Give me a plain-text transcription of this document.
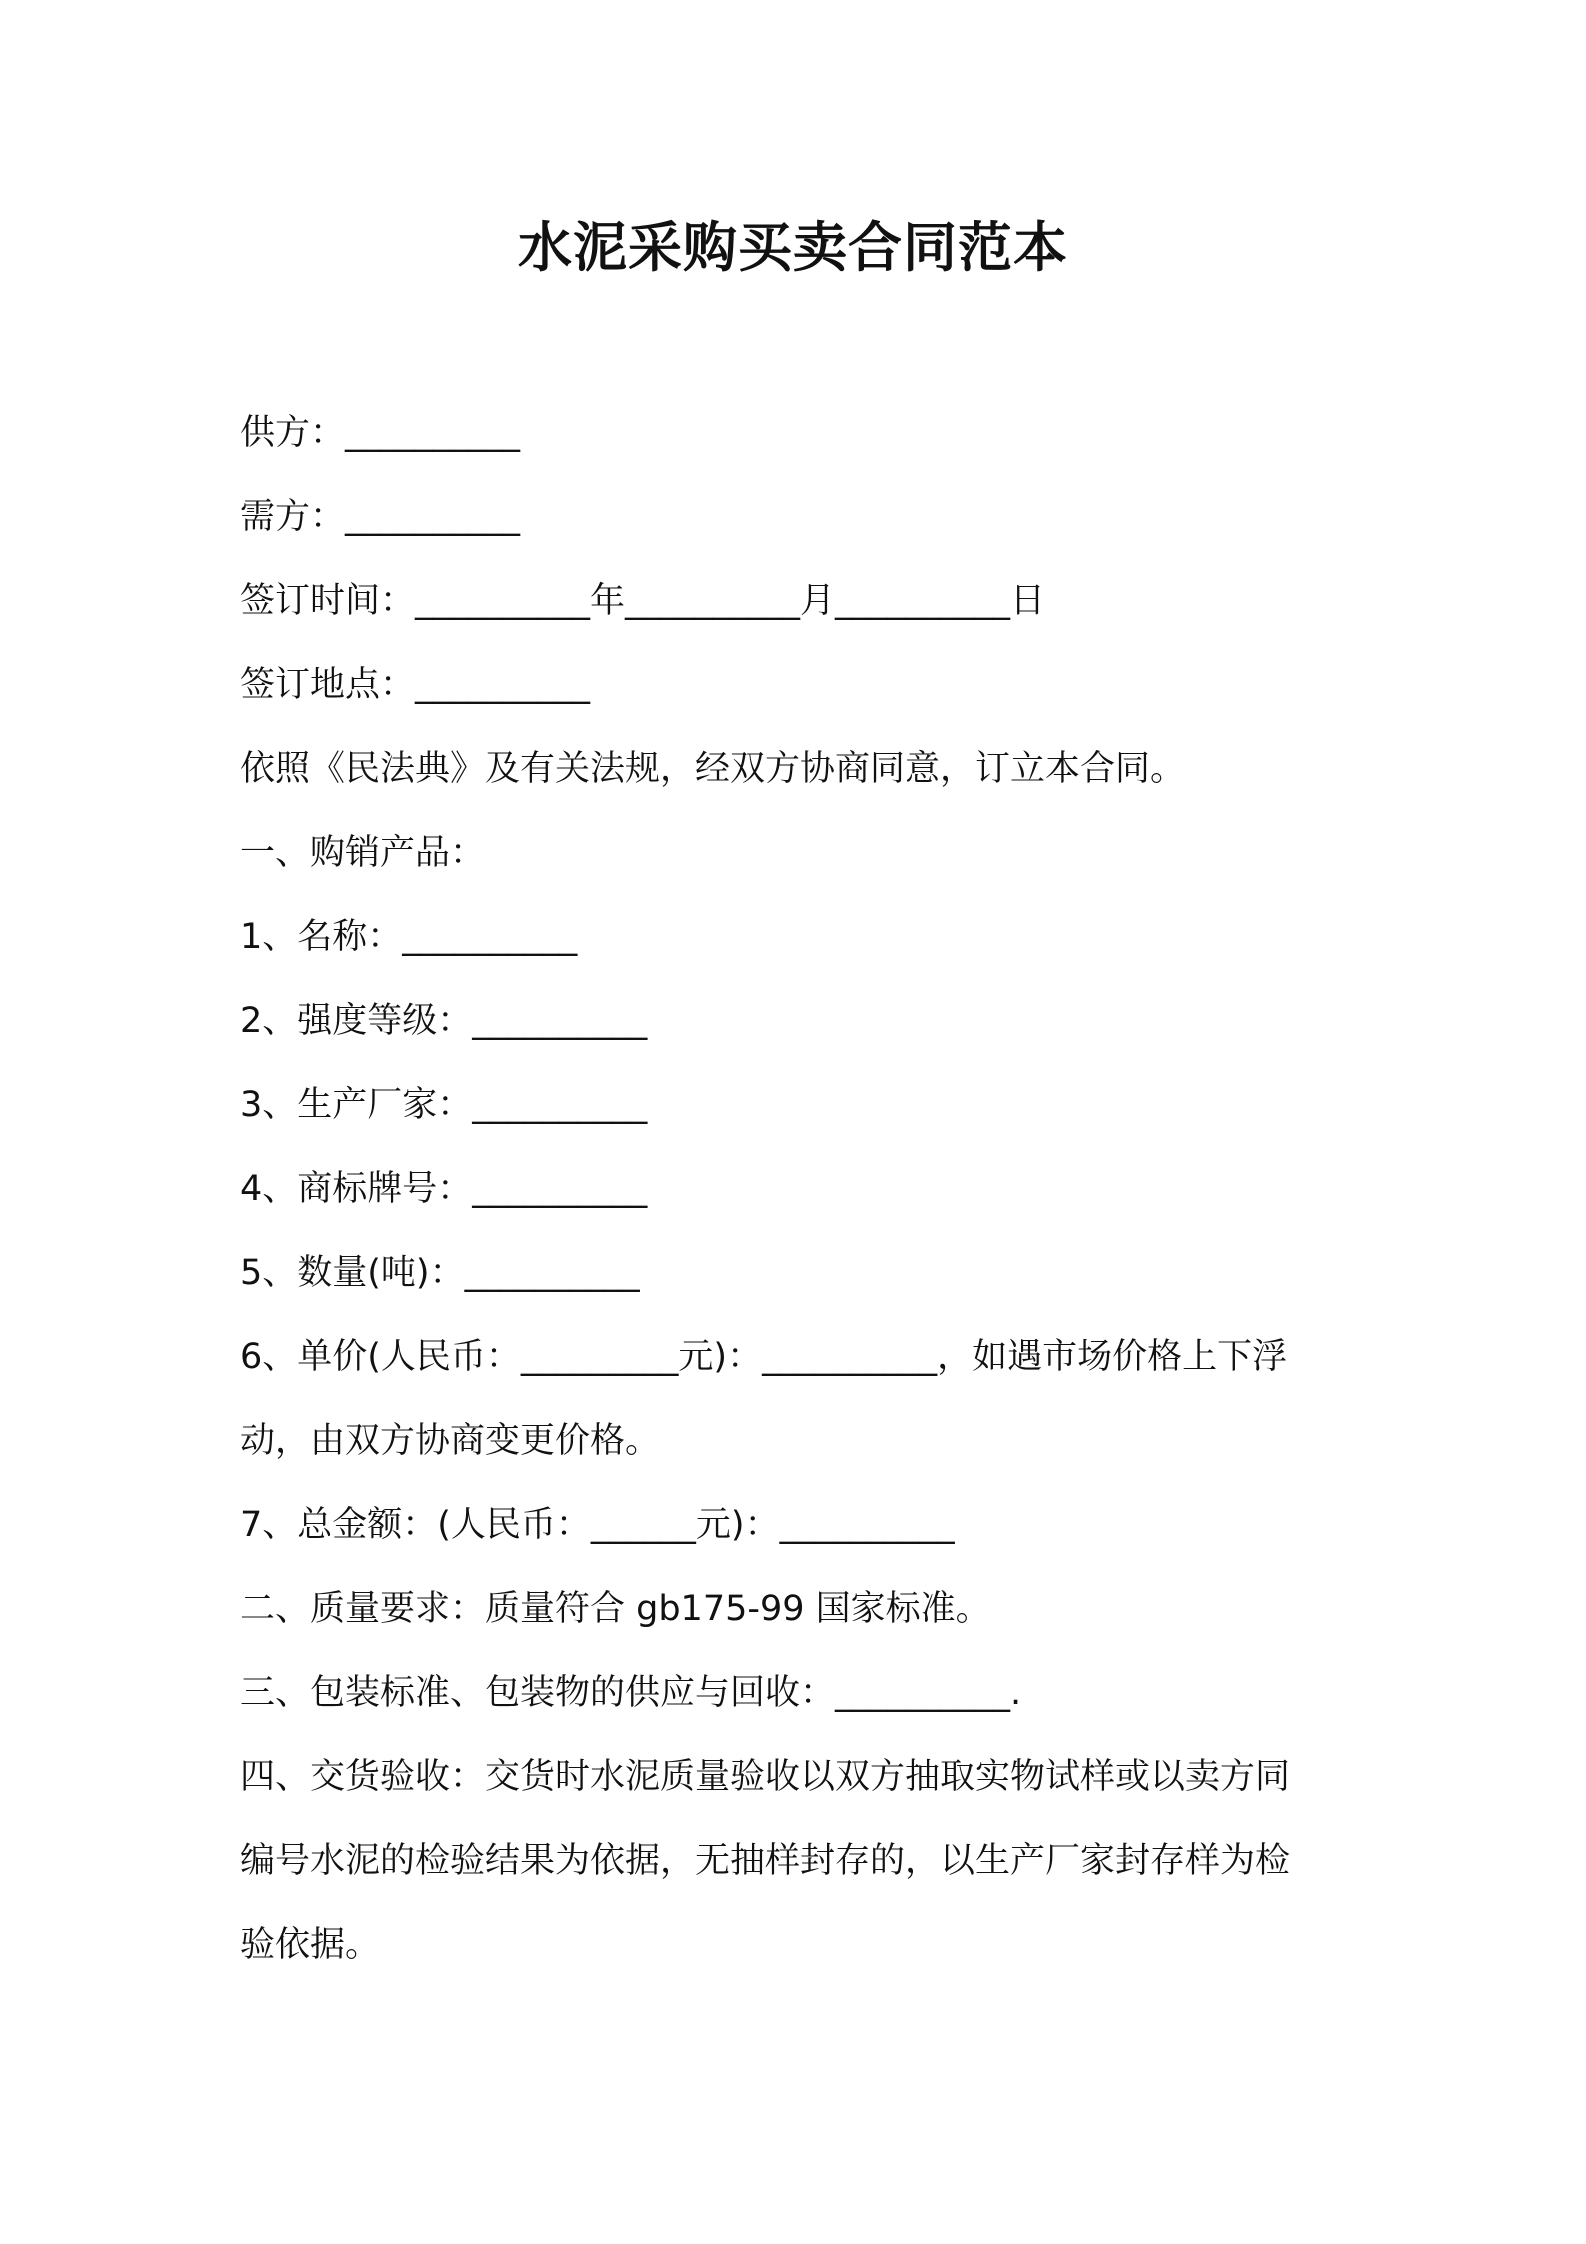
水泥采购买卖合同范本
供方：__________
需方：__________
签订时间：__________年__________月__________日
签订地点：__________
依照《民法典》及有关法规，经双方协商同意，订立本合同。
一、购销产品：
1、名称：__________
2、强度等级：__________
3、生产厂家：__________
4、商标牌号：__________
5、数量(吨)：__________
6、单价(人民币：_________元)：__________，如遇市场价格上下浮
动，由双方协商变更价格。
7、总金额：(人民币：______元)：__________
二、质量要求：质量符合 gb175-99 国家标准。
三、包装标准、包装物的供应与回收：__________.
四、交货验收：交货时水泥质量验收以双方抽取实物试样或以卖方同
编号水泥的检验结果为依据，无抽样封存的，以生产厂家封存样为检
验依据。
